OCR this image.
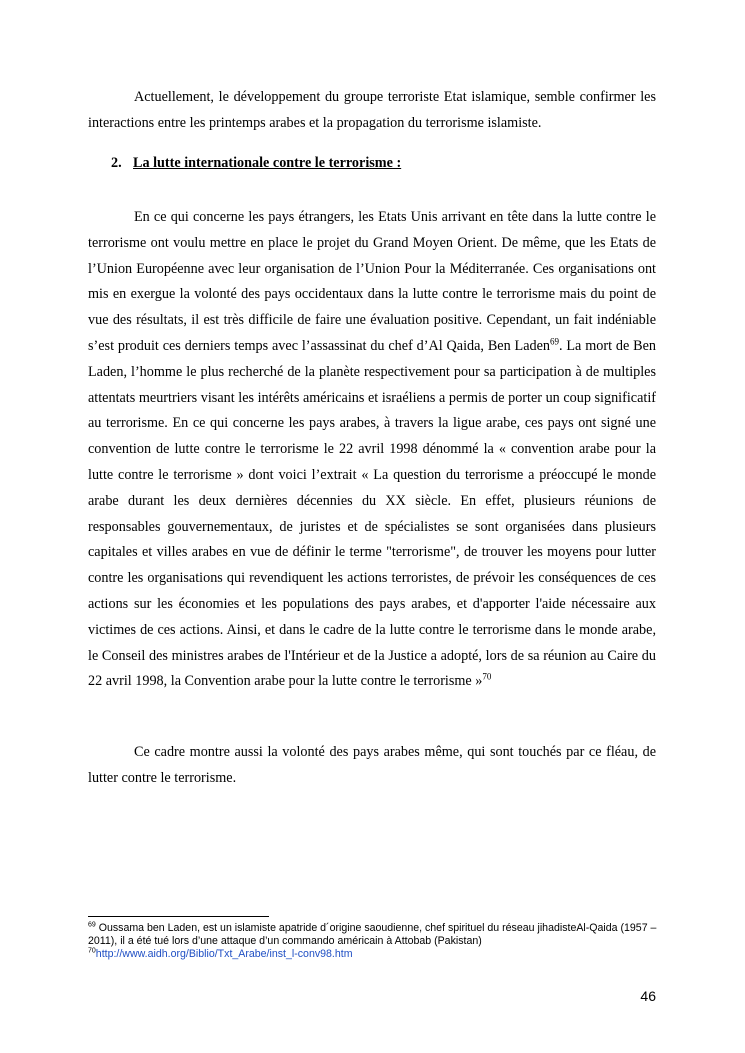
Actuellement, le développement du groupe terroriste Etat islamique, semble confirmer les interactions entre les printemps arabes et la propagation du terrorisme islamiste.

2. La lutte internationale contre le terrorisme :

En ce qui concerne les pays étrangers, les Etats Unis arrivant en tête dans la lutte contre le terrorisme ont voulu mettre en place le projet du Grand Moyen Orient. De même, que les Etats de l’Union Européenne avec leur organisation de l’Union Pour la Méditerranée. Ces organisations ont mis en exergue la volonté des pays occidentaux dans la lutte contre le terrorisme mais du point de vue des résultats, il est très difficile de faire une évaluation positive. Cependant, un fait indéniable s’est produit ces derniers temps avec l’assassinat du chef d’Al Qaida, Ben Laden$^{69}$. La mort de Ben Laden, l’homme le plus recherché de la planète respectivement pour sa participation à de multiples attentats meurtriers visant les intérêts américains et israéliens a permis de porter un coup significatif au terrorisme. En ce qui concerne les pays arabes, à travers la ligue arabe, ces pays ont signé une convention de lutte contre le terrorisme le 22 avril 1998 dénommé la « convention arabe pour la lutte contre le terrorisme » dont voici l’extrait « La question du terrorisme a préoccupé le monde arabe durant les deux dernières décennies du XX siècle. En effet, plusieurs réunions de responsables gouvernementaux, de juristes et de spécialistes se sont organisées dans plusieurs capitales et villes arabes en vue de définir le terme "terrorisme", de trouver les moyens pour lutter contre les organisations qui revendiquent les actions terroristes, de prévoir les conséquences de ces actions sur les économies et les populations des pays arabes, et d'apporter l'aide nécessaire aux victimes de ces actions. Ainsi, et dans le cadre de la lutte contre le terrorisme dans le monde arabe, le Conseil des ministres arabes de l'Intérieur et de la Justice a adopté, lors de sa réunion au Caire du 22 avril 1998, la Convention arabe pour la lutte contre le terrorisme »$^{70}$

Ce cadre montre aussi la volonté des pays arabes même, qui sont touchés par ce fléau, de lutter contre le terrorisme.

$^{69}$ Oussama ben Laden, est un islamiste apatride d´origine saoudienne, chef spirituel du réseau jihadisteAl-Qaida (1957 – 2011), il a été tué lors d’une attaque d’un commando américain à Attobab (Pakistan)

$^{70}$http://www.aidh.org/Biblio/Txt_Arabe/inst_l-conv98.htm

46
